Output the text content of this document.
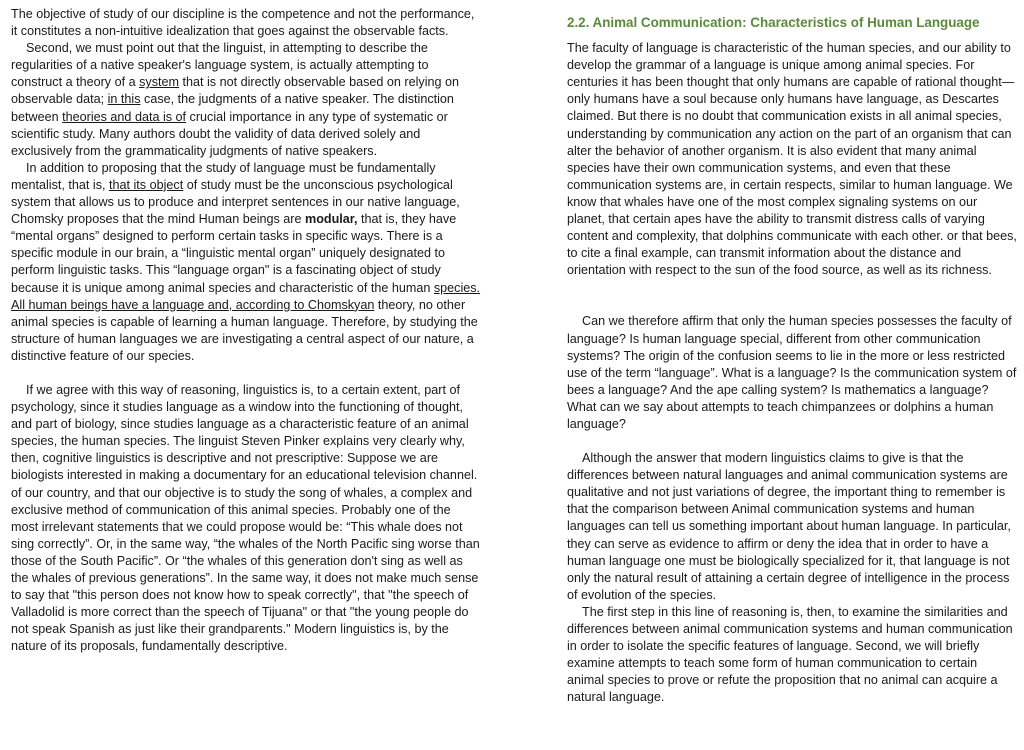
The objective of study of our discipline is the competence and not the performance, it constitutes a non-intuitive idealization that goes against the observable facts.

Second, we must point out that the linguist, in attempting to describe the regularities of a native speaker's language system, is actually attempting to construct a theory of a system that is not directly observable based on relying on observable data; in this case, the judgments of a native speaker. The distinction between theories and data is of crucial importance in any type of systematic or scientific study. Many authors doubt the validity of data derived solely and exclusively from the grammaticality judgments of native speakers.

In addition to proposing that the study of language must be fundamentally mentalist, that is, that its object of study must be the unconscious psychological system that allows us to produce and interpret sentences in our native language, Chomsky proposes that the mind Human beings are modular, that is, they have “mental organs” designed to perform certain tasks in specific ways. There is a specific module in our brain, a “linguistic mental organ” uniquely designated to perform linguistic tasks. This “language organ" is a fascinating object of study because it is unique among animal species and characteristic of the human species. All human beings have a language and, according to Chomskyan theory, no other animal species is capable of learning a human language. Therefore, by studying the structure of human languages we are investigating a central aspect of our nature, a distinctive feature of our species.

If we agree with this way of reasoning, linguistics is, to a certain extent, part of psychology, since it studies language as a window into the functioning of thought, and part of biology, since studies language as a characteristic feature of an animal species, the human species. The linguist Steven Pinker explains very clearly why, then, cognitive linguistics is descriptive and not prescriptive: Suppose we are biologists interested in making a documentary for an educational television channel. of our country, and that our objective is to study the song of whales, a complex and exclusive method of communication of this animal species. Probably one of the most irrelevant statements that we could propose would be: “This whale does not sing correctly”. Or, in the same way, “the whales of the North Pacific sing worse than those of the South Pacific”. Or “the whales of this generation don't sing as well as the whales of previous generations”. In the same way, it does not make much sense to say that "this person does not know how to speak correctly", that "the speech of Valladolid is more correct than the speech of Tijuana" or that "the young people do not speak Spanish as just like their grandparents." Modern linguistics is, by the nature of its proposals, fundamentally descriptive.

2.2. Animal Communication: Characteristics of Human Language

The faculty of language is characteristic of the human species, and our ability to develop the grammar of a language is unique among animal species. For centuries it has been thought that only humans are capable of rational thought—only humans have a soul because only humans have language, as Descartes claimed. But there is no doubt that communication exists in all animal species, understanding by communication any action on the part of an organism that can alter the behavior of another organism. It is also evident that many animal species have their own communication systems, and even that these communication systems are, in certain respects, similar to human language. We know that whales have one of the most complex signaling systems on our planet, that certain apes have the ability to transmit distress calls of varying content and complexity, that dolphins communicate with each other. or that bees, to cite a final example, can transmit information about the distance and orientation with respect to the sun of the food source, as well as its richness.

Can we therefore affirm that only the human species possesses the faculty of language? Is human language special, different from other communication systems? The origin of the confusion seems to lie in the more or less restricted use of the term “language”. What is a language? Is the communication system of bees a language? And the ape calling system? Is mathematics a language? What can we say about attempts to teach chimpanzees or dolphins a human language?

Although the answer that modern linguistics claims to give is that the differences between natural languages and animal communication systems are qualitative and not just variations of degree, the important thing to remember is that the comparison between Animal communication systems and human languages can tell us something important about human language. In particular, they can serve as evidence to affirm or deny the idea that in order to have a human language one must be biologically specialized for it, that language is not only the natural result of attaining a certain degree of intelligence in the process of evolution of the species.

The first step in this line of reasoning is, then, to examine the similarities and differences between animal communication systems and human communication in order to isolate the specific features of language. Second, we will briefly examine attempts to teach some form of human communication to certain animal species to prove or refute the proposition that no animal can acquire a natural language.
